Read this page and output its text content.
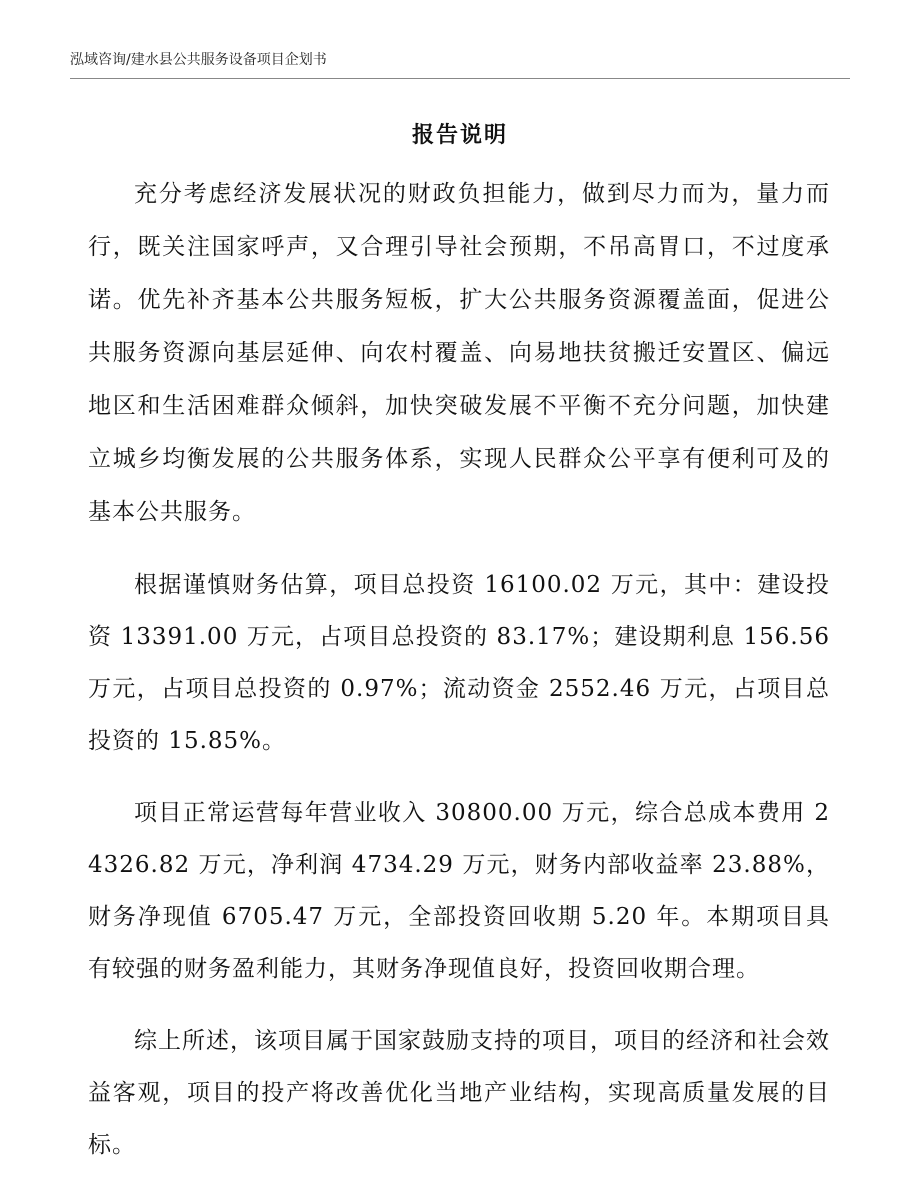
泓域咨询/建水县公共服务设备项目企划书
报告说明

充分考虑经济发展状况的财政负担能力，做到尽力而为，量力而行，既关注国家呼声，又合理引导社会预期，不吊高胃口，不过度承诺。优先补齐基本公共服务短板，扩大公共服务资源覆盖面，促进公共服务资源向基层延伸、向农村覆盖、向易地扶贫搬迁安置区、偏远地区和生活困难群众倾斜，加快突破发展不平衡不充分问题，加快建立城乡均衡发展的公共服务体系，实现人民群众公平享有便利可及的基本公共服务。

根据谨慎财务估算，项目总投资 16100.02 万元，其中：建设投资 13391.00 万元，占项目总投资的 83.17%；建设期利息 156.56 万元，占项目总投资的 0.97%；流动资金 2552.46 万元，占项目总投资的 15.85%。

项目正常运营每年营业收入 30800.00 万元，综合总成本费用 24326.82 万元，净利润 4734.29 万元，财务内部收益率 23.88%，财务净现值 6705.47 万元，全部投资回收期 5.20 年。本期项目具有较强的财务盈利能力，其财务净现值良好，投资回收期合理。

综上所述，该项目属于国家鼓励支持的项目，项目的经济和社会效益客观，项目的投产将改善优化当地产业结构，实现高质量发展的目标。
